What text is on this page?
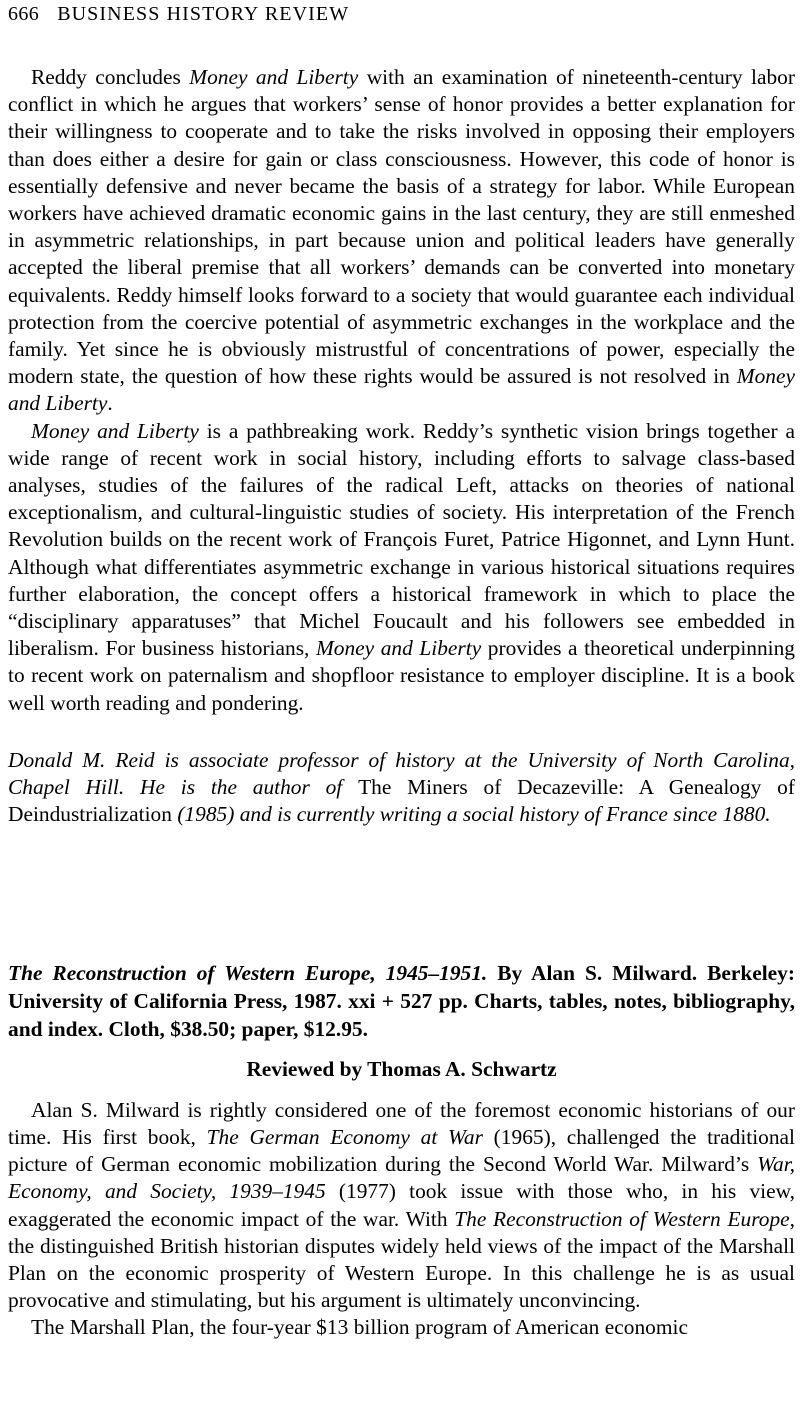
666 BUSINESS HISTORY REVIEW

Reddy concludes Money and Liberty with an examination of nineteenth-century labor conflict in which he argues that workers’ sense of honor provides a better explanation for their willingness to cooperate and to take the risks involved in opposing their employers than does either a desire for gain or class consciousness. However, this code of honor is essentially defensive and never became the basis of a strategy for labor. While European workers have achieved dramatic economic gains in the last century, they are still enmeshed in asymmetric relationships, in part because union and political leaders have generally accepted the liberal premise that all workers’ demands can be converted into monetary equivalents. Reddy himself looks forward to a society that would guarantee each individual protection from the coercive potential of asymmetric exchanges in the workplace and the family. Yet since he is obviously mistrustful of concentrations of power, especially the modern state, the question of how these rights would be assured is not resolved in Money and Liberty.

Money and Liberty is a pathbreaking work. Reddy’s synthetic vision brings together a wide range of recent work in social history, including efforts to salvage class-based analyses, studies of the failures of the radical Left, attacks on theories of national exceptionalism, and cultural-linguistic studies of society. His interpretation of the French Revolution builds on the recent work of François Furet, Patrice Higonnet, and Lynn Hunt. Although what differentiates asymmetric exchange in various historical situations requires further elaboration, the concept offers a historical framework in which to place the “disciplinary apparatuses” that Michel Foucault and his followers see embedded in liberalism. For business historians, Money and Liberty provides a theoretical underpinning to recent work on paternalism and shopfloor resistance to employer discipline. It is a book well worth reading and pondering.

Donald M. Reid is associate professor of history at the University of North Carolina, Chapel Hill. He is the author of The Miners of Decazeville: A Genealogy of Deindustrialization (1985) and is currently writing a social history of France since 1880.

The Reconstruction of Western Europe, 1945–1951. By Alan S. Milward. Berkeley: University of California Press, 1987. xxi + 527 pp. Charts, tables, notes, bibliography, and index. Cloth, $38.50; paper, $12.95.

Reviewed by Thomas A. Schwartz

Alan S. Milward is rightly considered one of the foremost economic historians of our time. His first book, The German Economy at War (1965), challenged the traditional picture of German economic mobilization during the Second World War. Milward’s War, Economy, and Society, 1939–1945 (1977) took issue with those who, in his view, exaggerated the economic impact of the war. With The Reconstruction of Western Europe, the distinguished British historian disputes widely held views of the impact of the Marshall Plan on the economic prosperity of Western Europe. In this challenge he is as usual provocative and stimulating, but his argument is ultimately unconvincing.

The Marshall Plan, the four-year $13 billion program of American economic
